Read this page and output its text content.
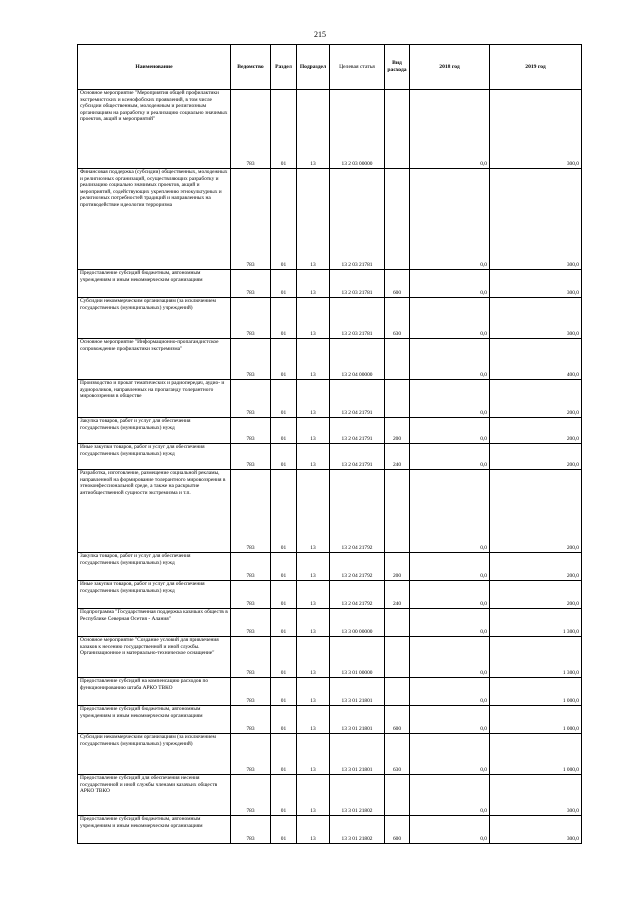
215
Наименование	Ведомство	Раздел	Подраздел	Целевая статья	Вид расхода	2018 год	2019 год
Основное мероприятие "Мероприятия общей профилактики экстремистских и ксенофобских проявлений, в том числе субсидии общественным, молодежным и религиозным организациям на разработку и реализацию социально значимых проектов, акций и мероприятий"	783	01	13	13 2 03 00000		0,0	300,0
Финансовая поддержка (субсидии) общественных, молодежных и религиозных организаций, осуществляющих разработку и реализацию социально значимых проектов, акций и мероприятий, содействующих укреплению этнокультурных и религиозных потребностей традиций и направленных на противодействие идеологии терроризма	783	01	13	13 2 03 21781		0,0	300,0
Предоставление субсидий бюджетным, автономным учреждениям и иным некоммерческим организациям	783	01	13	13 2 03 21781	600	0,0	300,0
Субсидии некоммерческим организациям (за исключением государственных (муниципальных) учреждений)	783	01	13	13 2 03 21781	630	0,0	300,0
Основное мероприятие "Информационно-пропагандистское сопровождение профилактики экстремизма"	783	01	13	13 2 04 00000		0,0	400,0
Производство и прокат тематических и радиопередач, аудио- и аудиороликов, направленных на пропаганду толерантного мировоззрения в обществе	783	01	13	13 2 04 21791		0,0	200,0
Закупка товаров, работ и услуг для обеспечения государственных (муниципальных) нужд	783	01	13	13 2 04 21791	200	0,0	200,0
Иные закупки товаров, работ и услуг для обеспечения государственных (муниципальных) нужд	783	01	13	13 2 04 21791	240	0,0	200,0
Разработка, изготовление, размещение социальной рекламы, направленной на формирование толерантного мировоззрения в этноконфессиональной среде, а также на раскрытие антиобщественной сущности экстремизма и т.п.	783	01	13	13 2 04 21792		0,0	200,0
Закупка товаров, работ и услуг для обеспечения государственных (муниципальных) нужд	783	01	13	13 2 04 21792	200	0,0	200,0
Иные закупки товаров, работ и услуг для обеспечения государственных (муниципальных) нужд	783	01	13	13 2 04 21792	240	0,0	200,0
Подпрограмма "Государственная поддержка казачьих обществ в Республике Северная Осетия - Алания"	783	01	13	13 3 00 00000		0,0	1 300,0
Основное мероприятие "Создание условий для привлечения казаков к несению государственной и иной службы. Организационное и материально-техническое оснащение"	783	01	13	13 3 01 00000		0,0	1 300,0
Предоставление субсидий на компенсацию расходов по функционированию штаба АРКО ТВКО	783	01	13	13 3 01 21801		0,0	1 000,0
Предоставление субсидий бюджетным, автономным учреждениям и иным некоммерческим организациям	783	01	13	13 3 01 21801	600	0,0	1 000,0
Субсидии некоммерческим организациям (за исключением государственных (муниципальных) учреждений)	783	01	13	13 3 01 21801	630	0,0	1 000,0
Предоставление субсидий для обеспечения несения государственной и иной службы членами казачьих обществ АРКО ТВКО	783	01	13	13 3 01 21802		0,0	300,0
Предоставление субсидий бюджетным, автономным учреждениям и иным некоммерческим организациям	783	01	13	13 3 01 21802	600	0,0	300,0
